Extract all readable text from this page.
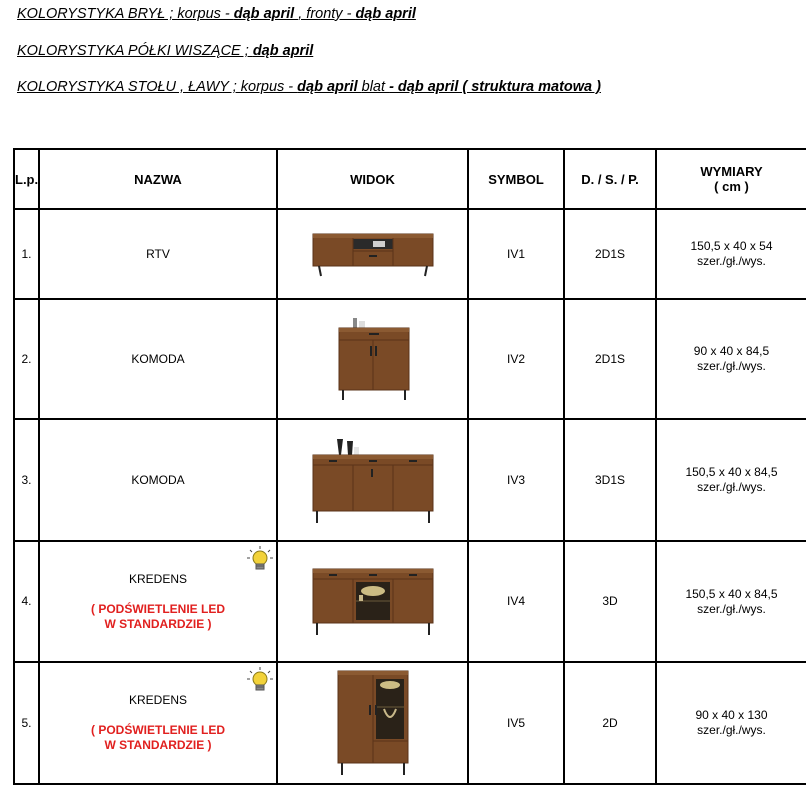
KOLORYSTYKA BRYŁ ; korpus - dąb april , fronty - dąb april
KOLORYSTYKA PÓŁKI WISZĄCE ; dąb april
KOLORYSTYKA STOŁU , ŁAWY ; korpus - dąb april blat - dąb april ( struktura matowa )
L.p.	NAZWA	WIDOK	SYMBOL	D. / S. / P.	WYMIARY
( cm )
1.	RTV		IV1	2D1S	150,5 x 40 x 54
szer./gł./wys.

2.	KOMODA		IV2	2D1S	90 x 40 x 84,5
szer./gł./wys.

3.	KOMODA		IV3	3D1S	150,5 x 40 x 84,5
szer./gł./wys.

4.	KREDENS

( PODŚWIETLENIE LED
W STANDARDZIE )		IV4	3D	150,5 x 40 x 84,5
szer./gł./wys.

5.	KREDENS

( PODŚWIETLENIE LED
W STANDARDZIE )		IV5	2D	90 x 40 x 130
szer./gł./wys.
